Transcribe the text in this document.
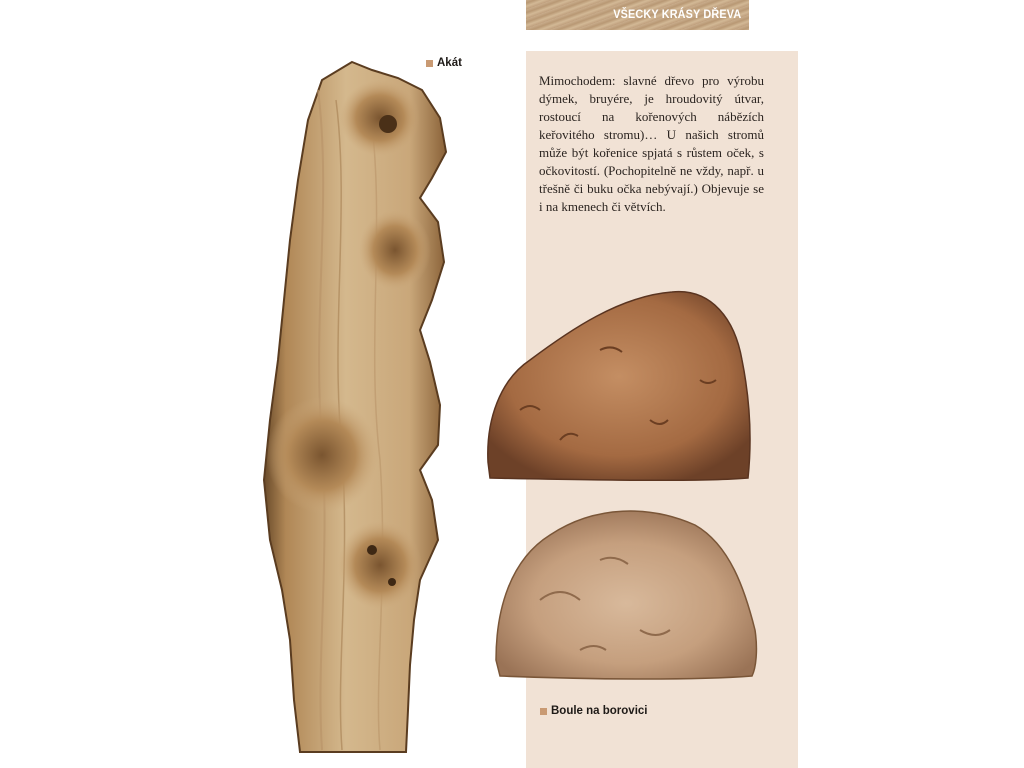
VŠECKY KRÁSY DŘEVA

Mimochodem: slavné dřevo pro výrobu dýmek, bruyére, je hroudovitý útvar, rostoucí na kořenových nábězích keřovitého stromu)… U našich stromů může být kořenice spjatá s růstem oček, s očkovitostí. (Pochopitelně ne vždy, např. u třešně či buku očka nebývají.) Objevuje se i na kmenech či větvích.

Akát
Boule na borovici
